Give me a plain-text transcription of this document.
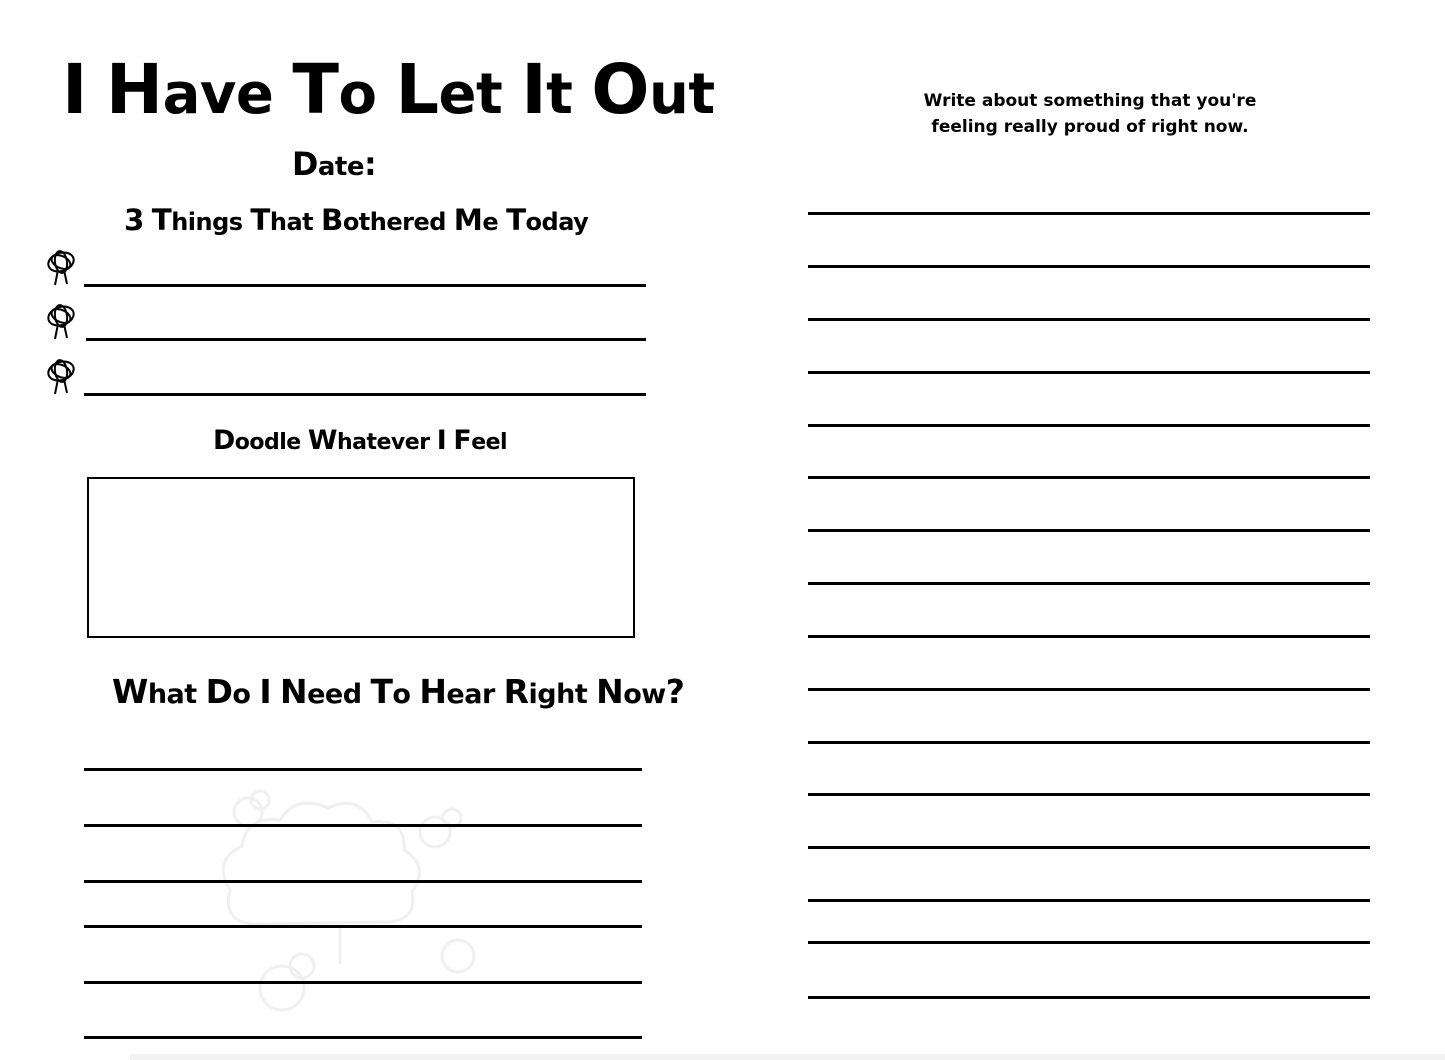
I Have To Let It Out
Date:
3 Things That Bothered Me Today
Doodle Whatever I Feel
What Do I Need To Hear Right Now?
Write about something that you're feeling really proud of right now.
